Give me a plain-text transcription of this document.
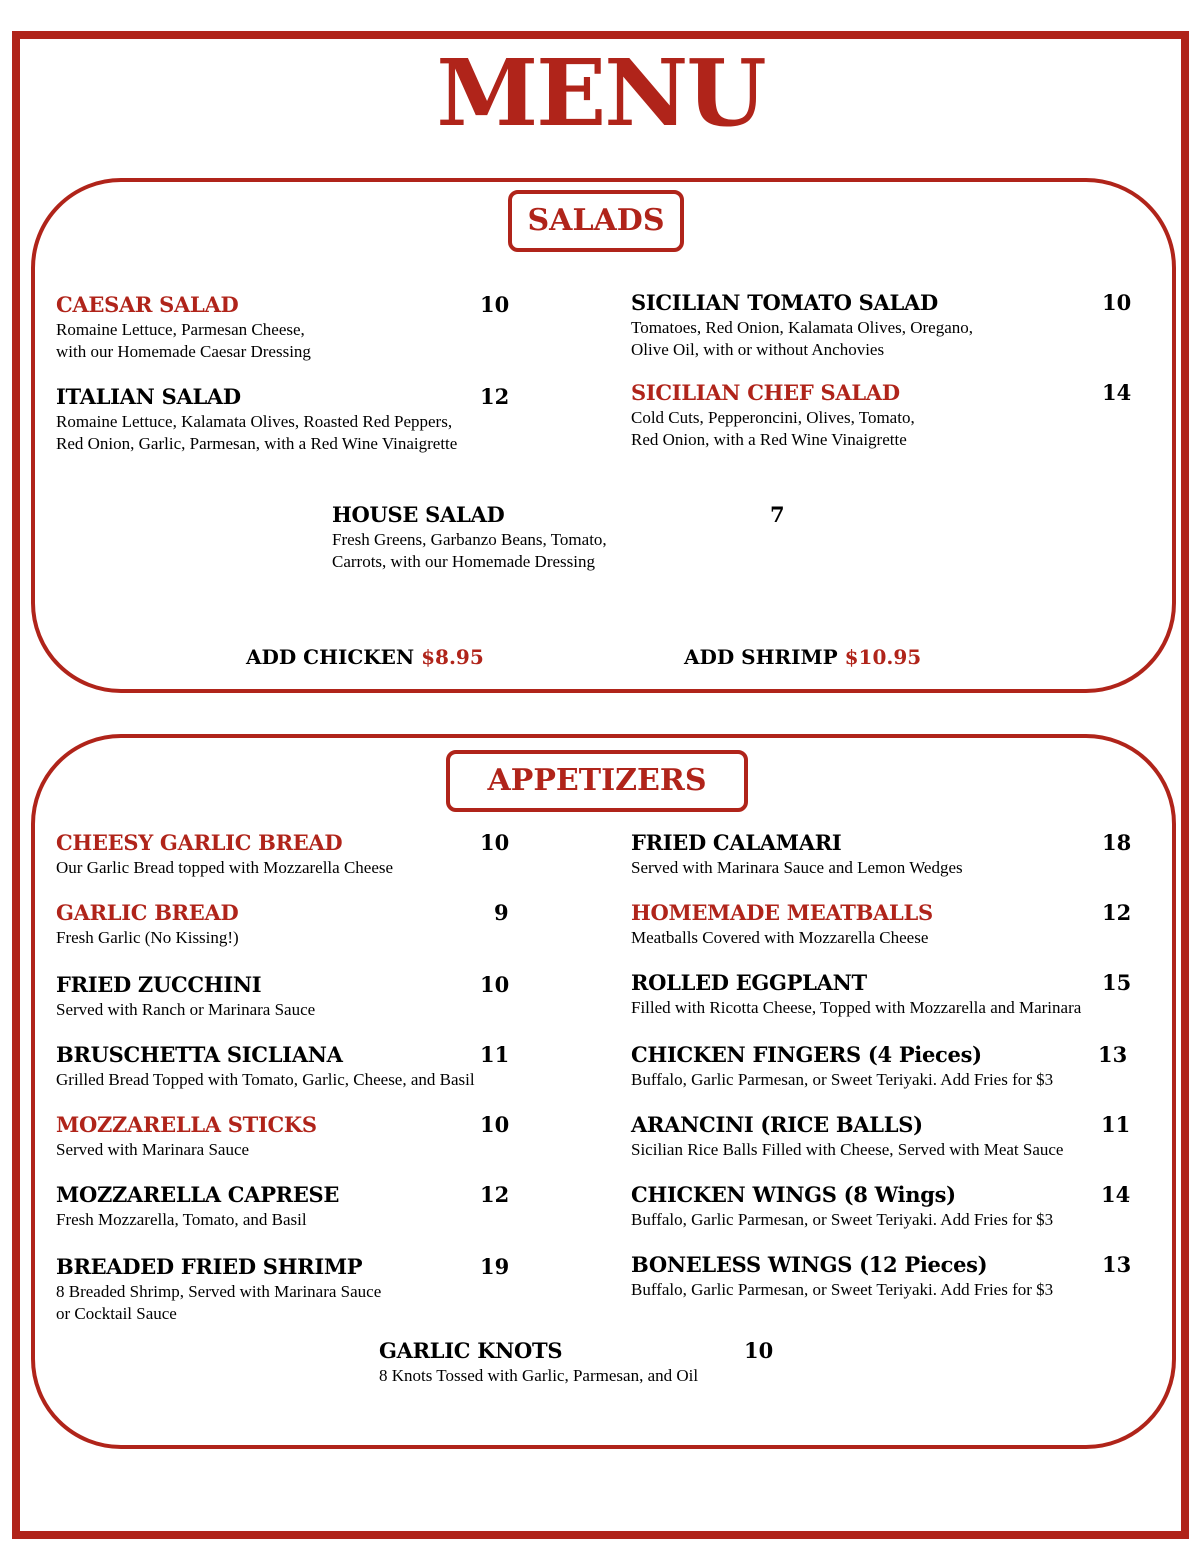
MENU
SALADS
CAESAR SALAD	10
Romaine Lettuce, Parmesan Cheese,
with our Homemade Caesar Dressing
SICILIAN TOMATO SALAD	10
Tomatoes, Red Onion, Kalamata Olives, Oregano,
Olive Oil, with or without Anchovies
ITALIAN SALAD	12
Romaine Lettuce, Kalamata Olives, Roasted Red Peppers,
Red Onion, Garlic, Parmesan, with a Red Wine Vinaigrette
SICILIAN CHEF SALAD	14
Cold Cuts, Pepperoncini, Olives, Tomato,
Red Onion, with a Red Wine Vinaigrette
HOUSE SALAD	7
Fresh Greens, Garbanzo Beans, Tomato,
Carrots, with our Homemade Dressing
ADD CHICKEN $8.95	ADD SHRIMP $10.95
APPETIZERS
CHEESY GARLIC BREAD	10
Our Garlic Bread topped with Mozzarella Cheese
GARLIC BREAD	9
Fresh Garlic (No Kissing!)
FRIED ZUCCHINI	10
Served with Ranch or Marinara Sauce
BRUSCHETTA SICLIANA	11
Grilled Bread Topped with Tomato, Garlic, Cheese, and Basil
MOZZARELLA STICKS	10
Served with Marinara Sauce
MOZZARELLA CAPRESE	12
Fresh Mozzarella, Tomato, and Basil
BREADED FRIED SHRIMP	19
8 Breaded Shrimp, Served with Marinara Sauce
or Cocktail Sauce
FRIED CALAMARI	18
Served with Marinara Sauce and Lemon Wedges
HOMEMADE MEATBALLS	12
Meatballs Covered with Mozzarella Cheese
ROLLED EGGPLANT	15
Filled with Ricotta Cheese, Topped with Mozzarella and Marinara
CHICKEN FINGERS (4 Pieces)	13
Buffalo, Garlic Parmesan, or Sweet Teriyaki. Add Fries for $3
ARANCINI (RICE BALLS)	11
Sicilian Rice Balls Filled with Cheese, Served with Meat Sauce
CHICKEN WINGS (8 Wings)	14
Buffalo, Garlic Parmesan, or Sweet Teriyaki. Add Fries for $3
BONELESS WINGS (12 Pieces)	13
Buffalo, Garlic Parmesan, or Sweet Teriyaki. Add Fries for $3
GARLIC KNOTS	10
8 Knots Tossed with Garlic, Parmesan, and Oil
